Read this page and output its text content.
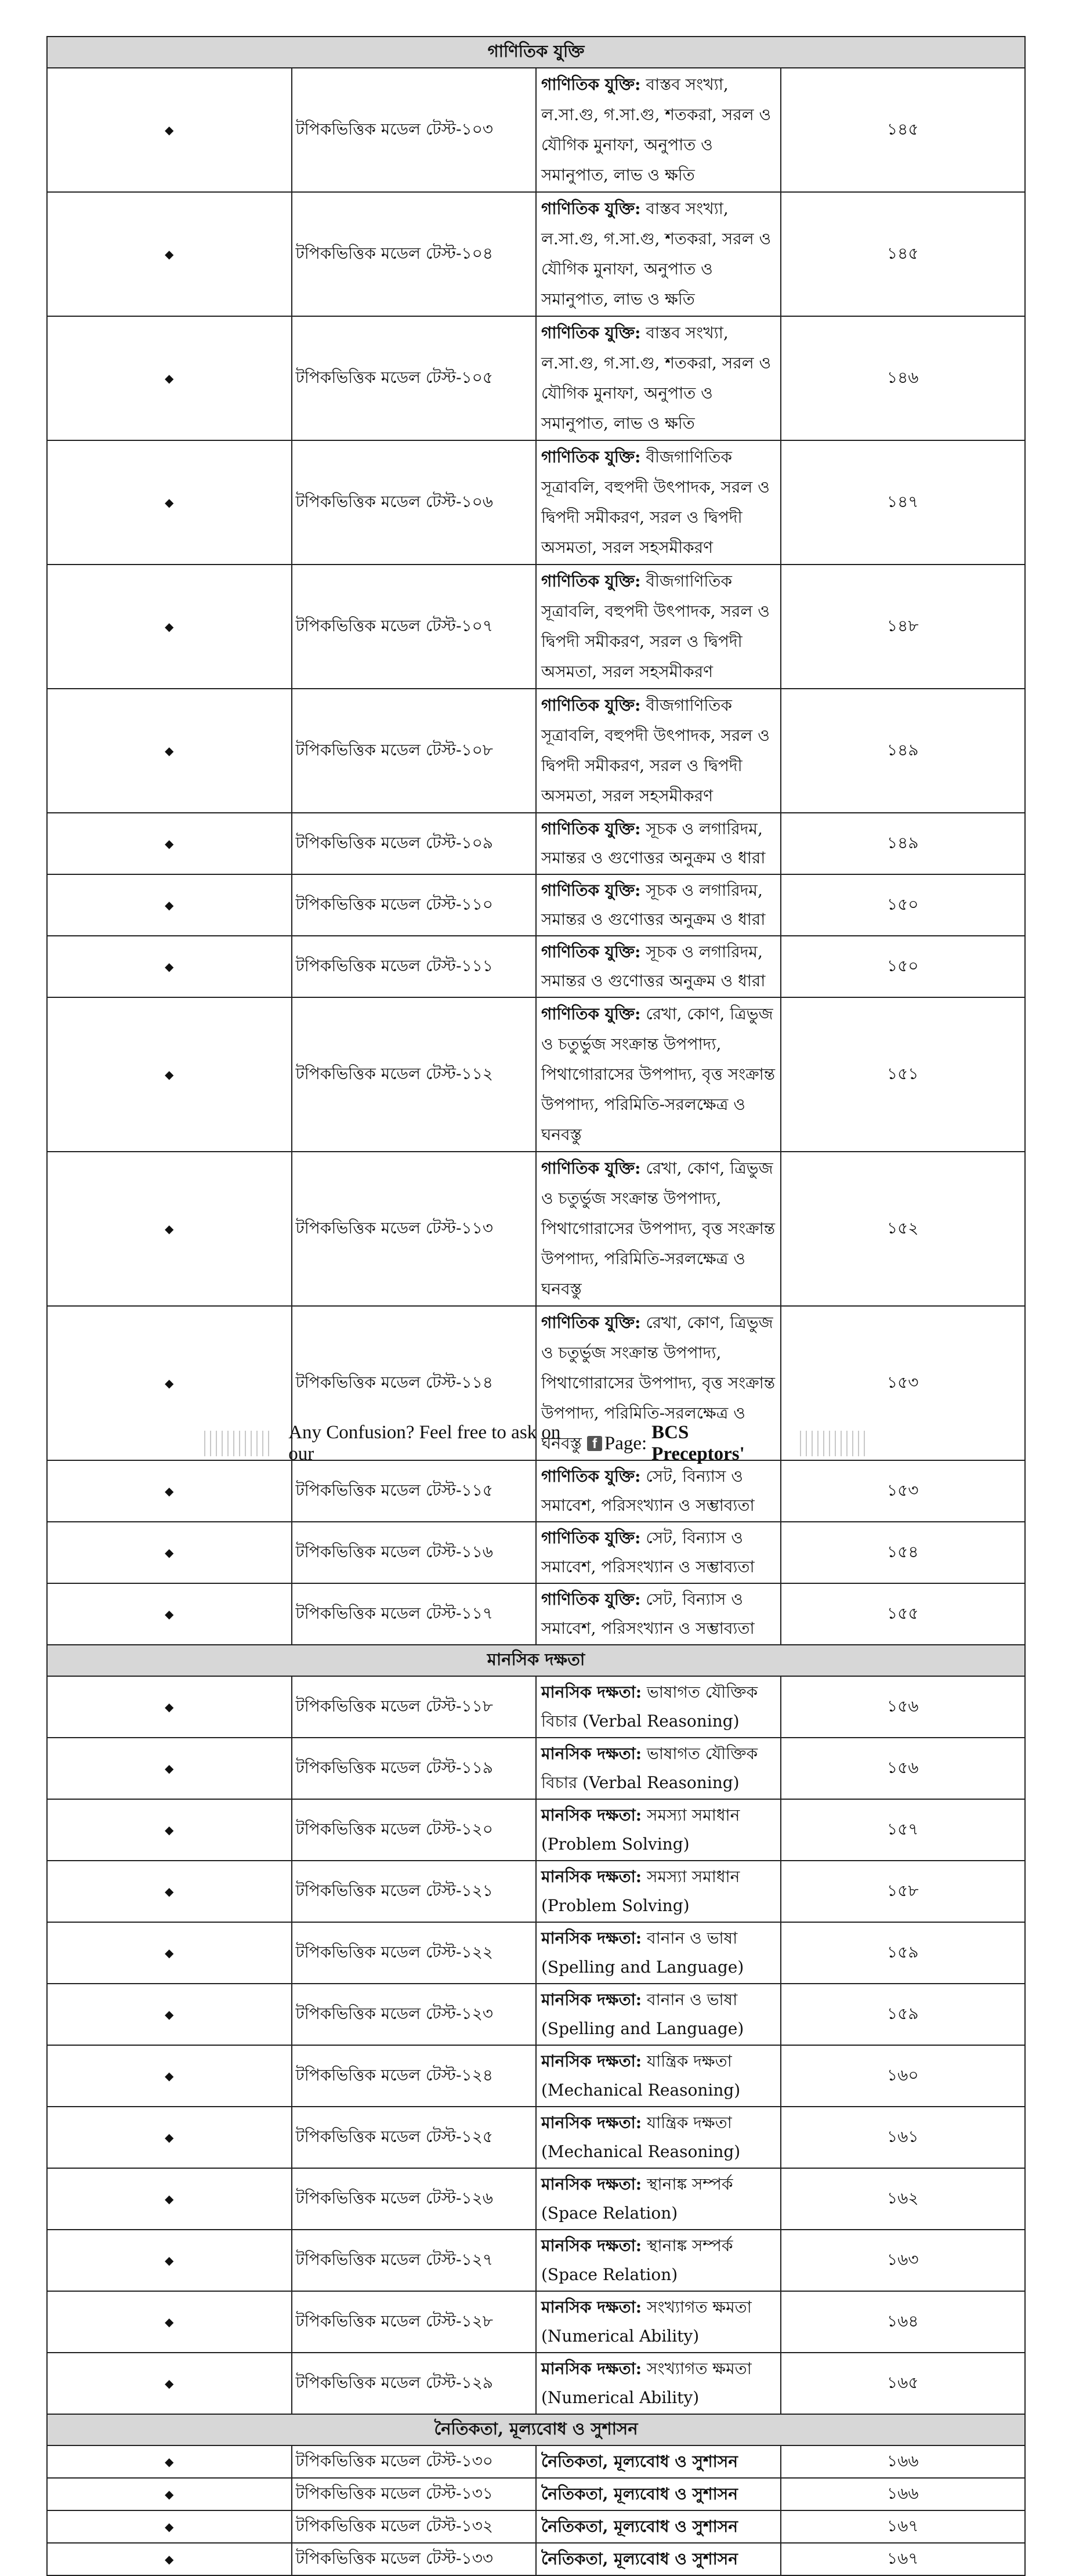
গাণিতিক যুক্তি			
◆	টপিকভিত্তিক মডেল টেস্ট-১০৩	গাণিতিক যুক্তি: বাস্তব সংখ্যা, ল.সা.গু, গ.সা.গু, শতকরা, সরল ও যৌগিক মুনাফা, অনুপাত ও সমানুপাত, লাভ ও ক্ষতি	১৪৫
◆	টপিকভিত্তিক মডেল টেস্ট-১০৪	গাণিতিক যুক্তি: বাস্তব সংখ্যা, ল.সা.গু, গ.সা.গু, শতকরা, সরল ও যৌগিক মুনাফা, অনুপাত ও সমানুপাত, লাভ ও ক্ষতি	১৪৫
◆	টপিকভিত্তিক মডেল টেস্ট-১০৫	গাণিতিক যুক্তি: বাস্তব সংখ্যা, ল.সা.গু, গ.সা.গু, শতকরা, সরল ও যৌগিক মুনাফা, অনুপাত ও সমানুপাত, লাভ ও ক্ষতি	১৪৬
◆	টপিকভিত্তিক মডেল টেস্ট-১০৬	গাণিতিক যুক্তি: বীজগাণিতিক সূত্রাবলি, বহুপদী উৎপাদক, সরল ও দ্বিপদী সমীকরণ, সরল ও দ্বিপদী অসমতা, সরল সহসমীকরণ	১৪৭
◆	টপিকভিত্তিক মডেল টেস্ট-১০৭	গাণিতিক যুক্তি: বীজগাণিতিক সূত্রাবলি, বহুপদী উৎপাদক, সরল ও দ্বিপদী সমীকরণ, সরল ও দ্বিপদী অসমতা, সরল সহসমীকরণ	১৪৮
◆	টপিকভিত্তিক মডেল টেস্ট-১০৮	গাণিতিক যুক্তি: বীজগাণিতিক সূত্রাবলি, বহুপদী উৎপাদক, সরল ও দ্বিপদী সমীকরণ, সরল ও দ্বিপদী অসমতা, সরল সহসমীকরণ	১৪৯
◆	টপিকভিত্তিক মডেল টেস্ট-১০৯	গাণিতিক যুক্তি: সূচক ও লগারিদম, সমান্তর ও গুণোত্তর অনুক্রম ও ধারা	১৪৯
◆	টপিকভিত্তিক মডেল টেস্ট-১১০	গাণিতিক যুক্তি: সূচক ও লগারিদম, সমান্তর ও গুণোত্তর অনুক্রম ও ধারা	১৫০
◆	টপিকভিত্তিক মডেল টেস্ট-১১১	গাণিতিক যুক্তি: সূচক ও লগারিদম, সমান্তর ও গুণোত্তর অনুক্রম ও ধারা	১৫০
◆	টপিকভিত্তিক মডেল টেস্ট-১১২	গাণিতিক যুক্তি: রেখা, কোণ, ত্রিভুজ ও চতুর্ভুজ সংক্রান্ত উপপাদ্য, পিথাগোরাসের উপপাদ্য, বৃত্ত সংক্রান্ত উপপাদ্য, পরিমিতি-সরলক্ষেত্র ও ঘনবস্তু	১৫১
◆	টপিকভিত্তিক মডেল টেস্ট-১১৩	গাণিতিক যুক্তি: রেখা, কোণ, ত্রিভুজ ও চতুর্ভুজ সংক্রান্ত উপপাদ্য, পিথাগোরাসের উপপাদ্য, বৃত্ত সংক্রান্ত উপপাদ্য, পরিমিতি-সরলক্ষেত্র ও ঘনবস্তু	১৫২
◆	টপিকভিত্তিক মডেল টেস্ট-১১৪	গাণিতিক যুক্তি: রেখা, কোণ, ত্রিভুজ ও চতুর্ভুজ সংক্রান্ত উপপাদ্য, পিথাগোরাসের উপপাদ্য, বৃত্ত সংক্রান্ত উপপাদ্য, পরিমিতি-সরলক্ষেত্র ও ঘনবস্তু	১৫৩
◆	টপিকভিত্তিক মডেল টেস্ট-১১৫	গাণিতিক যুক্তি: সেট, বিন্যাস ও সমাবেশ, পরিসংখ্যান ও সম্ভাব্যতা	১৫৩
◆	টপিকভিত্তিক মডেল টেস্ট-১১৬	গাণিতিক যুক্তি: সেট, বিন্যাস ও সমাবেশ, পরিসংখ্যান ও সম্ভাব্যতা	১৫৪
◆	টপিকভিত্তিক মডেল টেস্ট-১১৭	গাণিতিক যুক্তি: সেট, বিন্যাস ও সমাবেশ, পরিসংখ্যান ও সম্ভাব্যতা	১৫৫
মানসিক দক্ষতা			
◆	টপিকভিত্তিক মডেল টেস্ট-১১৮	মানসিক দক্ষতা: ভাষাগত যৌক্তিক বিচার (Verbal Reasoning)	১৫৬
◆	টপিকভিত্তিক মডেল টেস্ট-১১৯	মানসিক দক্ষতা: ভাষাগত যৌক্তিক বিচার (Verbal Reasoning)	১৫৬
◆	টপিকভিত্তিক মডেল টেস্ট-১২০	মানসিক দক্ষতা: সমস্যা সমাধান (Problem Solving)	১৫৭
◆	টপিকভিত্তিক মডেল টেস্ট-১২১	মানসিক দক্ষতা: সমস্যা সমাধান (Problem Solving)	১৫৮
◆	টপিকভিত্তিক মডেল টেস্ট-১২২	মানসিক দক্ষতা: বানান ও ভাষা (Spelling and Language)	১৫৯
◆	টপিকভিত্তিক মডেল টেস্ট-১২৩	মানসিক দক্ষতা: বানান ও ভাষা (Spelling and Language)	১৫৯
◆	টপিকভিত্তিক মডেল টেস্ট-১২৪	মানসিক দক্ষতা: যান্ত্রিক দক্ষতা (Mechanical Reasoning)	১৬০
◆	টপিকভিত্তিক মডেল টেস্ট-১২৫	মানসিক দক্ষতা: যান্ত্রিক দক্ষতা (Mechanical Reasoning)	১৬১
◆	টপিকভিত্তিক মডেল টেস্ট-১২৬	মানসিক দক্ষতা: স্থানাঙ্ক সম্পর্ক (Space Relation)	১৬২
◆	টপিকভিত্তিক মডেল টেস্ট-১২৭	মানসিক দক্ষতা: স্থানাঙ্ক সম্পর্ক (Space Relation)	১৬৩
◆	টপিকভিত্তিক মডেল টেস্ট-১২৮	মানসিক দক্ষতা: সংখ্যাগত ক্ষমতা (Numerical Ability)	১৬৪
◆	টপিকভিত্তিক মডেল টেস্ট-১২৯	মানসিক দক্ষতা: সংখ্যাগত ক্ষমতা (Numerical Ability)	১৬৫
নৈতিকতা, মূল্যবোধ ও সুশাসন			
◆	টপিকভিত্তিক মডেল টেস্ট-১৩০	নৈতিকতা, মূল্যবোধ ও সুশাসন	১৬৬
◆	টপিকভিত্তিক মডেল টেস্ট-১৩১	নৈতিকতা, মূল্যবোধ ও সুশাসন	১৬৬
◆	টপিকভিত্তিক মডেল টেস্ট-১৩২	নৈতিকতা, মূল্যবোধ ও সুশাসন	১৬৭
◆	টপিকভিত্তিক মডেল টেস্ট-১৩৩	নৈতিকতা, মূল্যবোধ ও সুশাসন	১৬৭
Any Confusion? Feel free to ask on our	f Page:
BCS Preceptors'
